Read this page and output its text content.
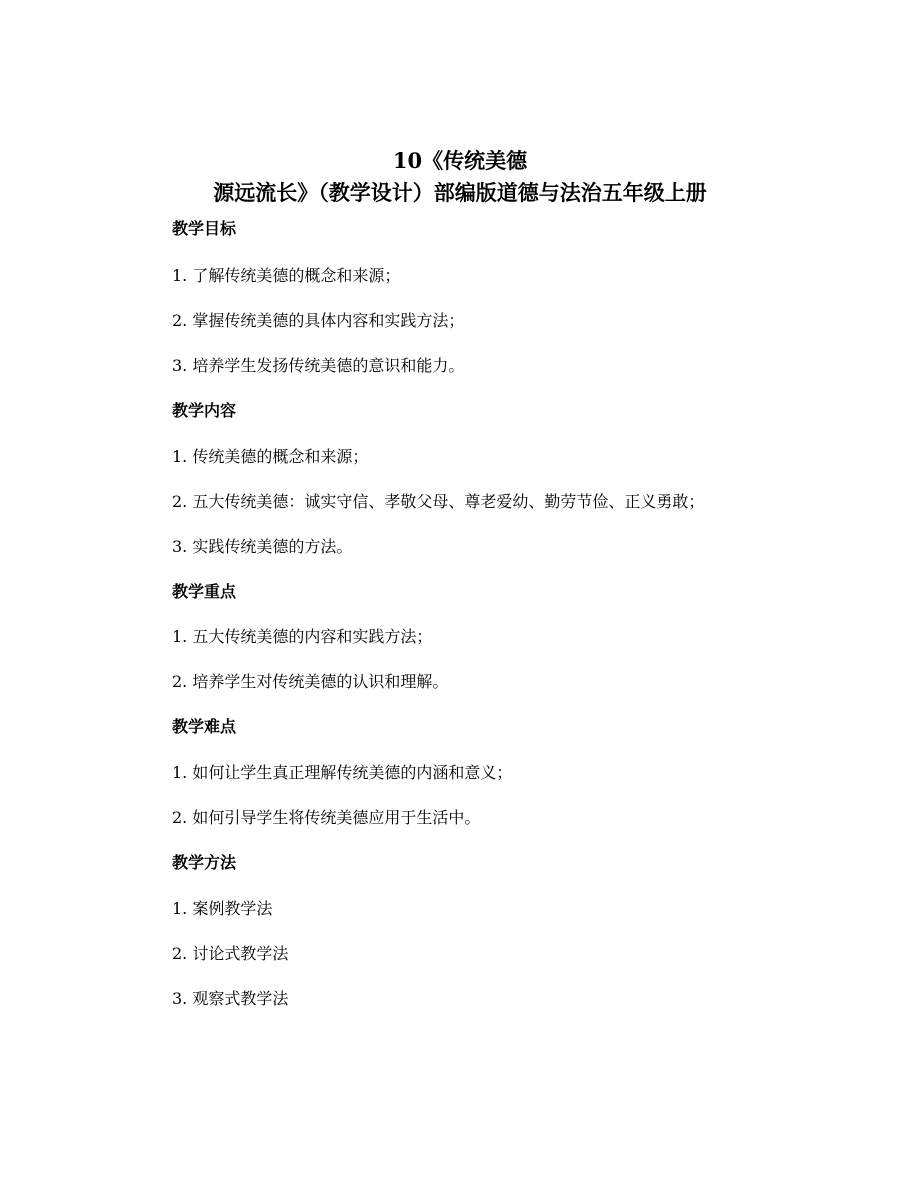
10《传统美德
源远流长》（教学设计）部编版道德与法治五年级上册
教学目标
1. 了解传统美德的概念和来源；
2. 掌握传统美德的具体内容和实践方法；
3. 培养学生发扬传统美德的意识和能力。
教学内容
1. 传统美德的概念和来源；
2. 五大传统美德：诚实守信、孝敬父母、尊老爱幼、勤劳节俭、正义勇敢；
3. 实践传统美德的方法。
教学重点
1. 五大传统美德的内容和实践方法；
2. 培养学生对传统美德的认识和理解。
教学难点
1. 如何让学生真正理解传统美德的内涵和意义；
2. 如何引导学生将传统美德应用于生活中。
教学方法
1. 案例教学法
2. 讨论式教学法
3. 观察式教学法
